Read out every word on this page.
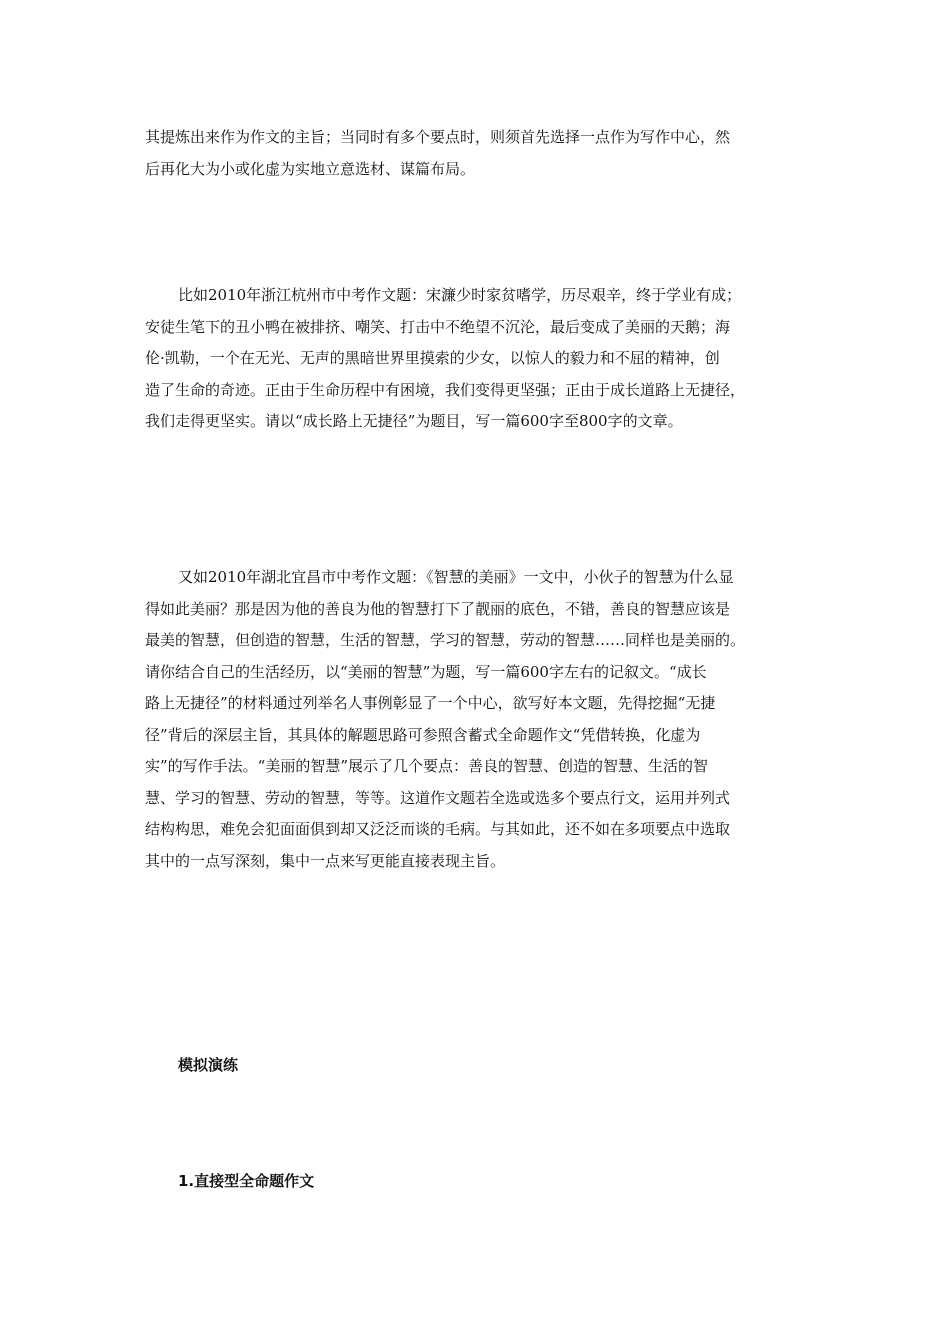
其提炼出来作为作文的主旨；当同时有多个要点时，则须首先选择一点作为写作中心，然
后再化大为小或化虚为实地立意选材、谋篇布局。
比如2010年浙江杭州市中考作文题：宋濂少时家贫嗜学，历尽艰辛，终于学业有成；
安徒生笔下的丑小鸭在被排挤、嘲笑、打击中不绝望不沉沦，最后变成了美丽的天鹅；海
伦·凯勒，一个在无光、无声的黑暗世界里摸索的少女，以惊人的毅力和不屈的精神，创
造了生命的奇迹。正由于生命历程中有困境，我们变得更坚强；正由于成长道路上无捷径，
我们走得更坚实。请以“成长路上无捷径”为题目，写一篇600字至800字的文章。
又如2010年湖北宜昌市中考作文题：《智慧的美丽》一文中，小伙子的智慧为什么显
得如此美丽？那是因为他的善良为他的智慧打下了靓丽的底色，不错，善良的智慧应该是
最美的智慧，但创造的智慧，生活的智慧，学习的智慧，劳动的智慧……同样也是美丽的。
请你结合自己的生活经历，以“美丽的智慧”为题，写一篇600字左右的记叙文。“成长
路上无捷径”的材料通过列举名人事例彰显了一个中心，欲写好本文题，先得挖掘“无捷
径”背后的深层主旨，其具体的解题思路可参照含蓄式全命题作文“凭借转换，化虚为
实”的写作手法。“美丽的智慧”展示了几个要点：善良的智慧、创造的智慧、生活的智
慧、学习的智慧、劳动的智慧，等等。这道作文题若全选或选多个要点行文，运用并列式
结构构思，难免会犯面面俱到却又泛泛而谈的毛病。与其如此，还不如在多项要点中选取
其中的一点写深刻，集中一点来写更能直接表现主旨。

模拟演练

1.直接型全命题作文
